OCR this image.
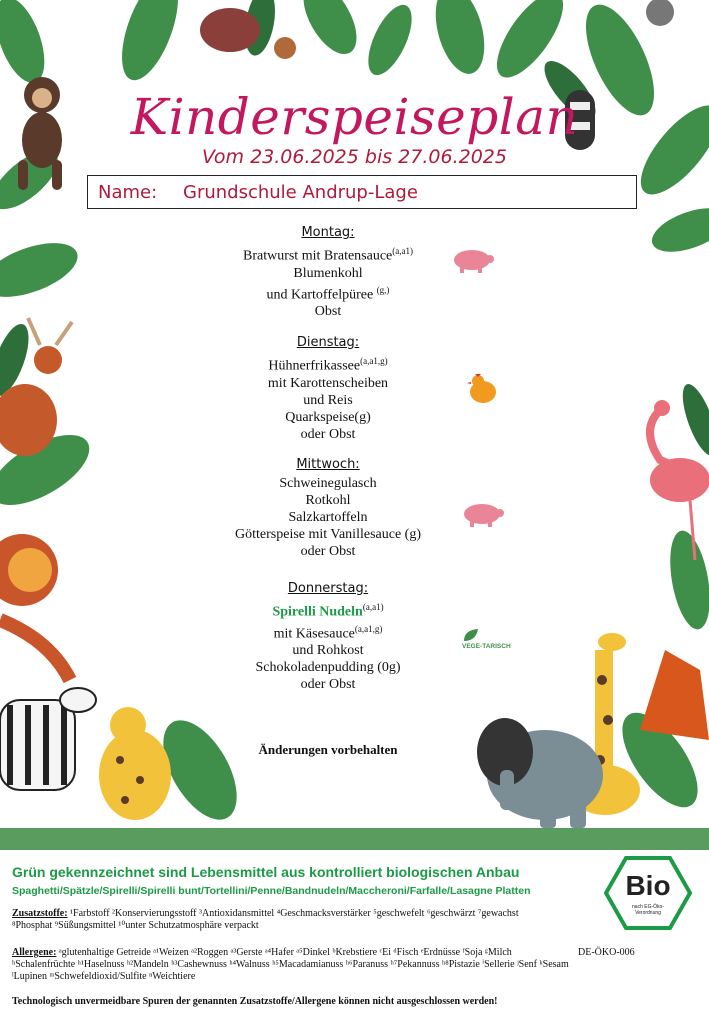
Kinderspeiseplan
Vom 23.06.2025 bis 27.06.2025
Name: Grundschule Andrup-Lage
Montag:
Bratwurst mit Bratensauce$^{(a,a1)}$
Blumenkohl
und Kartoffelpüree $^{(g,)}$
Obst
Dienstag:
Hühnerfrikassee$^{(a,a1,g)}$
mit Karottenscheiben
und Reis
Quarkspeise(g)
oder Obst
Mittwoch:
Schweinegulasch
Rotkohl
Salzkartoffeln
Götterspeise mit Vanillesauce (g)
oder Obst
Donnerstag:
Spirelli Nudeln$^{(a,a1)}$
mit Käsesauce$^{(a,a1,g)}$
und Rohkost
Schokoladenpudding (0g)
oder Obst
VEGE-TARISCH
Änderungen vorbehalten
Grün gekennzeichnet sind Lebensmittel aus kontrolliert biologischen Anbau
Spaghetti/Spätzle/Spirelli/Spirelli bunt/Tortellini/Penne/Bandnudeln/Maccheroni/Farfalle/Lasagne Platten	Bio
nach EG-Öko-Verordnung
Zusatzstoffe: ¹Farbstoff ²Konservierungsstoff ³Antioxidansmittel ⁴Geschmacksverstärker ⁵geschwefelt ⁶geschwärzt ⁷gewachst ⁸Phosphat ⁹Süßungsmittel ¹⁰unter Schutzatmosphäre verpackt
Allergene: ᵃglutenhaltige Getreide ᵃ¹Weizen ᵃ²Roggen ᵃ³Gerste ᵃ⁴Hafer ᵃ⁵Dinkel ᵇKrebstiere ᶜEi ᵈFisch ᵉErdnüsse ᶠSoja ᵍMilch ʰSchalenfrüchte ʰ¹Haselnuss ʰ²Mandeln ʰ³Cashewnuss ʰ⁴Walnuss ʰ⁵Macadamianuss ʰ⁶Paranuss ʰ⁷Pekannuss ʰ⁸Pistazie ⁱSellerie ʲSenf ᵏSesam ˡLupinen ᵐSchwefeldioxid/Sulfite ⁿWeichtiere
DE-ÖKO-006
Technologisch unvermeidbare Spuren der genannten Zusatzstoffe/Allergene können nicht ausgeschlossen werden!
